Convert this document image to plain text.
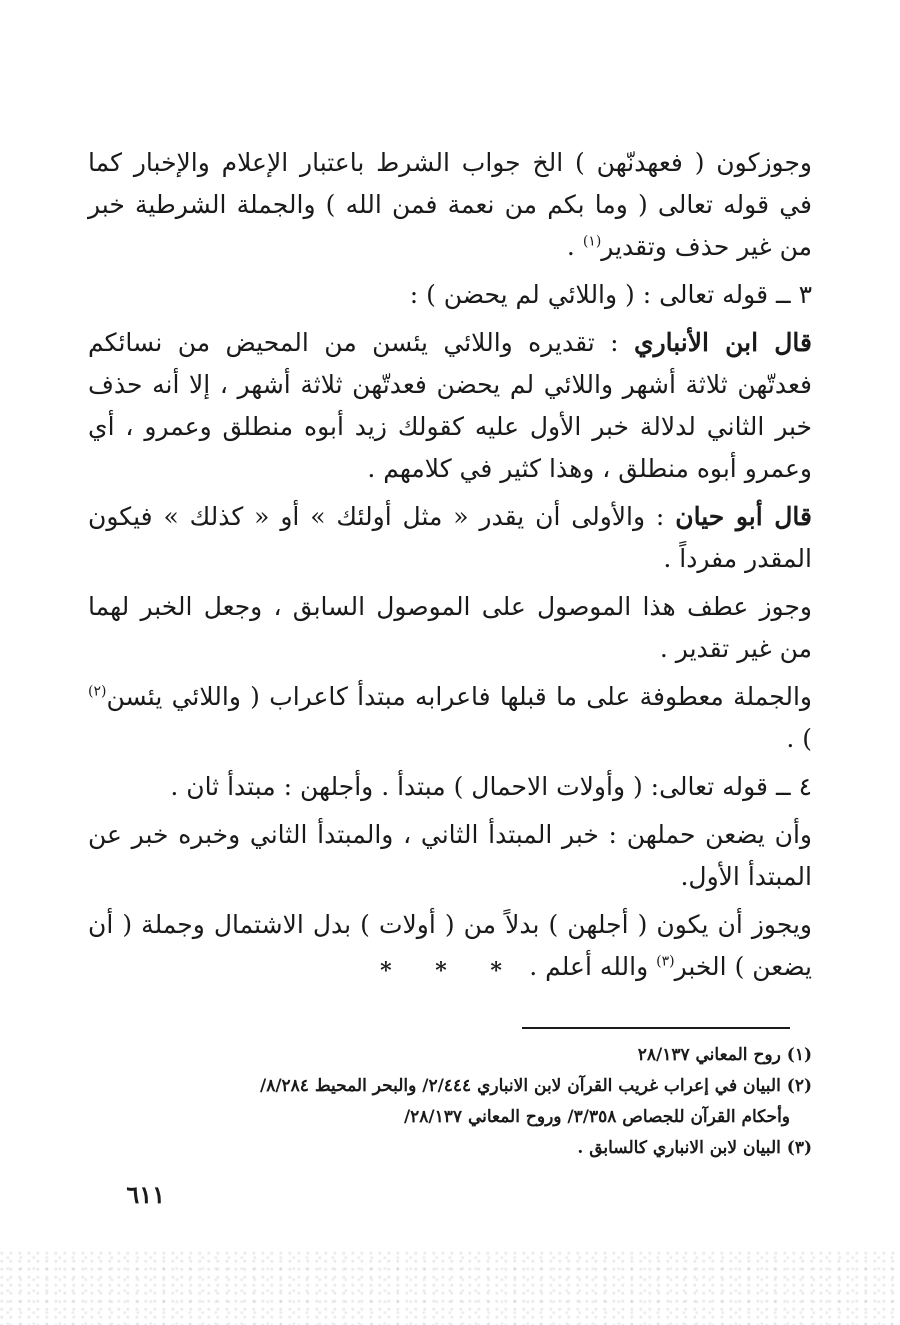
وجوزكون ( فعهدنّهن ) الخ جواب الشرط باعتبار الإعلام والإخبار كما في قوله تعالى ( وما بكم من نعمة فمن الله ) والجملة الشرطية خبر من غير حذف وتقدير$^{(١)}$ .

٣ ــ قوله تعالى : ( واللائي لم يحضن ) :

قال ابن الأنباري : تقديره واللائي يئسن من المحيض من نسائكم فعدتّهن ثلاثة أشهر واللائي لم يحضن فعدتّهن ثلاثة أشهر ، إلا أنه حذف خبر الثاني لدلالة خبر الأول عليه كقولك زيد أبوه منطلق وعمرو ، أي وعمرو أبوه منطلق ، وهذا كثير في كلامهم .

قال أبو حيان : والأولى أن يقدر « مثل أولئك » أو « كذلك » فيكون المقدر مفرداً .

وجوز عطف هذا الموصول على الموصول السابق ، وجعل الخبر لهما من غير تقدير .

والجملة معطوفة على ما قبلها فاعرابه مبتدأ كاعراب ( واللائي يئسن$^{(٢)}$ ) .

٤ ــ قوله تعالى: ( وأولات الاحمال ) مبتدأ . وأجلهن : مبتدأ ثان .

وأن يضعن حملهن : خبر المبتدأ الثاني ، والمبتدأ الثاني وخبره خبر عن المبتدأ الأول.

ويجوز أن يكون ( أجلهن ) بدلاً من ( أولات ) بدل الاشتمال وجملة ( أن يضعن ) الخبر$^{(٣)}$ والله أعلم .

* * *

(١) روح المعاني ٢٨/١٣٧

(٢) البيان في إعراب غريب القرآن لابن الانباري ٢/٤٤٤/ والبحر المحيط ٨/٢٨٤/

وأحكام القرآن للجصاص ٣/٣٥٨/ وروح المعاني ٢٨/١٣٧/

(٣) البيان لابن الانباري كالسابق .

٦١١
